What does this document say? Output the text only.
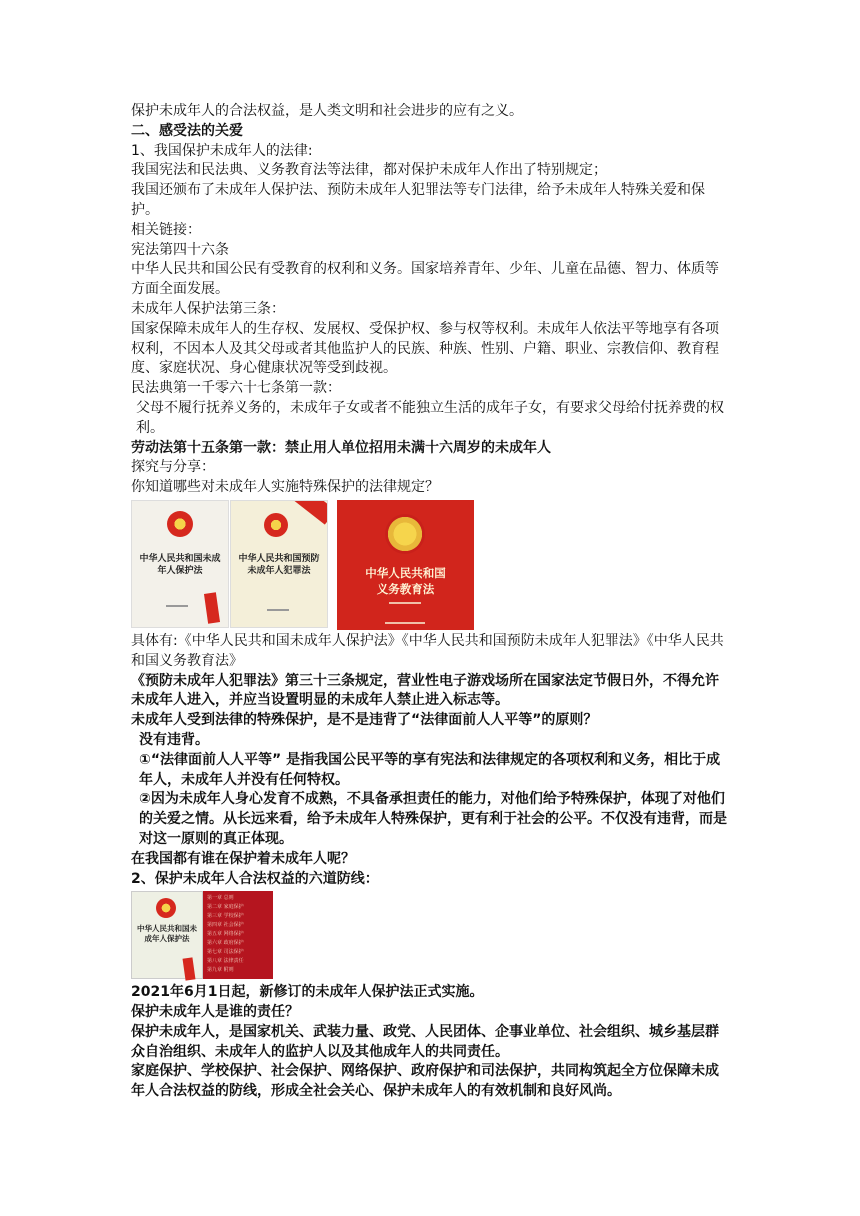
保护未成年人的合法权益，是人类文明和社会进步的应有之义。

二、感受法的关爱

1、我国保护未成年人的法律:

我国宪法和民法典、义务教育法等法律，都对保护未成年人作出了特别规定；

我国还颁布了未成年人保护法、预防未成年人犯罪法等专门法律，给予未成年人特殊关爱和保护。

相关链接：

宪法第四十六条

中华人民共和国公民有受教育的权利和义务。国家培养青年、少年、儿童在品德、智力、体质等方面全面发展。

未成年人保护法第三条：

国家保障未成年人的生存权、发展权、受保护权、参与权等权利。未成年人依法平等地享有各项权利，不因本人及其父母或者其他监护人的民族、种族、性别、户籍、职业、宗教信仰、教育程度、家庭状况、身心健康状况等受到歧视。

民法典第一千零六十七条第一款：

父母不履行抚养义务的，未成年子女或者不能独立生活的成年子女，有要求父母给付抚养费的权利。

劳动法第十五条第一款：禁止用人单位招用未满十六周岁的未成年人

探究与分享：

你知道哪些对未成年人实施特殊保护的法律规定？

中华人民共和国未成年人保护法
中华人民共和国预防未成年人犯罪法	中华人民共和国
义务教育法

具体有:《中华人民共和国未成年人保护法》《中华人民共和国预防未成年人犯罪法》《中华人民共和国义务教育法》

《预防未成年人犯罪法》第三十三条规定，营业性电子游戏场所在国家法定节假日外，不得允许未成年人进入，并应当设置明显的未成年人禁止进入标志等。

未成年人受到法律的特殊保护，是不是违背了“法律面前人人平等”的原则？

没有违背。

①“法律面前人人平等” 是指我国公民平等的享有宪法和法律规定的各项权利和义务，相比于成年人，未成年人并没有任何特权。

②因为未成年人身心发育不成熟，不具备承担责任的能力，对他们给予特殊保护，体现了对他们的关爱之情。从长远来看，给予未成年人特殊保护，更有利于社会的公平。不仅没有违背，而是对这一原则的真正体现。

在我国都有谁在保护着未成年人呢？

2、保护未成年人合法权益的六道防线：

中华人民共和国未成年人保护法
第一章 总则
第二章 家庭保护
第三章 学校保护
第四章 社会保护
第五章 网络保护
第六章 政府保护
第七章 司法保护
第八章 法律责任
第九章 附则

2021年6月1日起，新修订的未成年人保护法正式实施。

保护未成年人是谁的责任？

保护未成年人，是国家机关、武装力量、政党、人民团体、企事业单位、社会组织、城乡基层群众自治组织、未成年人的监护人以及其他成年人的共同责任。

家庭保护、学校保护、社会保护、网络保护、政府保护和司法保护，共同构筑起全方位保障未成年人合法权益的防线，形成全社会关心、保护未成年人的有效机制和良好风尚。
